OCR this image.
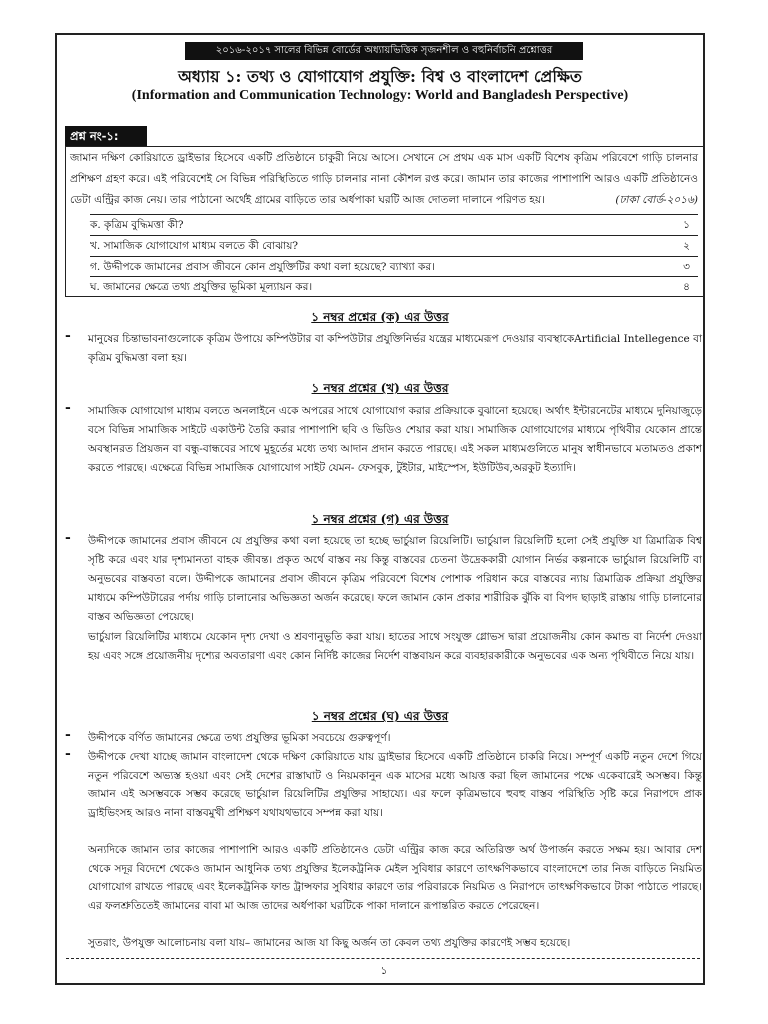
২০১৬-২০১৭ সালের বিভিন্ন বোর্ডের অধ্যায়ভিত্তিক সৃজনশীল ও বহুনির্বাচনি প্রশ্নোত্তর
অধ্যায় ১: তথ্য ও যোগাযোগ প্রযুক্তি: বিশ্ব ও বাংলাদেশ প্রেক্ষিত
(Information and Communication Technology: World and Bangladesh Perspective)
প্রশ্ন নং-১:
জামান দক্ষিণ কোরিয়াতে ড্রাইভার হিসেবে একটি প্রতিষ্ঠানে চাকুরী নিয়ে আসে। সেখানে সে প্রথম এক মাস একটি বিশেষ কৃত্রিম পরিবেশে গাড়ি চালনার প্রশিক্ষণ গ্রহণ করে। এই পরিবেশেই সে বিভিন্ন পরিস্থিতিতে গাড়ি চালনার নানা কৌশল রপ্ত করে। জামান তার কাজের পাশাপাশি আরও একটি প্রতিষ্ঠানেও ডেটা এন্ট্রির কাজ নেয়। তার পাঠানো অর্থেই গ্রামের বাড়িতে তার অর্ধপাকা ঘরটি আজ দোতলা দালানে পরিণত হয়।	(ঢাকা বোর্ড-২০১৬)
ক. কৃত্রিম বুদ্ধিমত্তা কী?	১
খ. সামাজিক যোগাযোগ মাধ্যম বলতে কী বোঝায়?	২
গ. উদ্দীপকে জামানের প্রবাস জীবনে কোন প্রযুক্তিটির কথা বলা হয়েছে? ব্যাখ্যা কর।	৩
ঘ. জামানের ক্ষেত্রে তথ্য প্রযুক্তির ভূমিকা মূল্যায়ন কর।	৪
১ নম্বর প্রশ্নের (ক) এর উত্তর
- মানুষের চিন্তাভাবনাগুলোকে কৃত্রিম উপায়ে কম্পিউটার বা কম্পিউটার প্রযুক্তিনির্ভর যন্ত্রের মাধ্যমেরূপ দেওয়ার ব্যবস্থাকেArtificial Intellegence বা কৃত্রিম বুদ্ধিমত্তা বলা হয়।
১ নম্বর প্রশ্নের (খ) এর উত্তর
- সামাজিক যোগাযোগ মাধ্যম বলতে অনলাইনে একে অপরের সাথে যোগাযোগ করার প্রক্রিয়াকে বুঝানো হয়েছে। অর্থাৎ ইন্টারনেটের মাধ্যমে দুনিয়াজুড়ে বসে বিভিন্ন সামাজিক সাইটে একাউন্ট তৈরি করার পাশাপাশি ছবি ও ভিডিও শেয়ার করা যায়। সামাজিক যোগাযোগের মাধ্যমে পৃথিবীর যেকোন প্রান্তে অবস্থানরত প্রিয়জন বা বন্ধু-বান্ধবের সাথে মুহূর্তের মধ্যে তথ্য আদান প্রদান করতে পারছে। এই সকল মাধ্যমগুলিতে মানুষ স্বাধীনভাবে মতামতও প্রকাশ করতে পারছে। এক্ষেত্রে বিভিন্ন সামাজিক যোগাযোগ সাইট যেমন- ফেসবুক, টুইটার, মাইস্পেস, ইউটিউব,অরকুট ইত্যাদি।
১ নম্বর প্রশ্নের (গ) এর উত্তর
- উদ্দীপকে জামানের প্রবাস জীবনে যে প্রযুক্তির কথা বলা হয়েছে তা হচ্ছে ভার্চুয়াল রিয়েলিটি। ভার্চুয়াল রিয়েলিটি হলো সেই প্রযুক্তি যা ত্রিমাত্রিক বিশ্ব সৃষ্টি করে এবং যার দৃশ্যমানতা বাহক জীবন্ত। প্রকৃত অর্থে বাস্তব নয় কিন্তু বাস্তবের চেতনা উদ্রেককারী যোগান নির্ভর কল্পনাকে ভার্চুয়াল রিয়েলিটি বা অনুভবের বাস্তবতা বলে। উদ্দীপকে জামানের প্রবাস জীবনে কৃত্রিম পরিবেশে বিশেষ পোশাক পরিধান করে বাস্তবের ন্যায় ত্রিমাত্রিক প্রক্রিয়া প্রযুক্তির মাধ্যমে কম্পিউটারের পর্দায় গাড়ি চালানোর অভিজ্ঞতা অর্জন করেছে। ফলে জামান কোন প্রকার শারীরিক ঝুঁকি বা বিপদ ছাড়াই রাস্তায় গাড়ি চালানোর বাস্তব অভিজ্ঞতা পেয়েছে।
ভার্চুয়াল রিয়েলিটির মাধ্যমে যেকোন দৃশ্য দেখা ও শ্রবণানুভূতি করা যায়। হাতের সাথে সংযুক্ত গ্লোভস দ্বারা প্রয়োজনীয় কোন কমান্ড বা নির্দেশ দেওয়া হয় এবং সঙ্গে প্রয়োজনীয় দৃশ্যের অবতারণা এবং কোন নির্দিষ্ট কাজের নির্দেশ বাস্তবায়ন করে ব্যবহারকারীকে অনুভবের এক অন্য পৃথিবীতে নিয়ে যায়।
১ নম্বর প্রশ্নের (ঘ) এর উত্তর
- উদ্দীপকে বর্ণিত জামানের ক্ষেত্রে তথ্য প্রযুক্তির ভূমিকা সবচেয়ে গুরুত্বপূর্ণ।
- উদ্দীপকে দেখা যাচ্ছে জামান বাংলাদেশ থেকে দক্ষিণ কোরিয়াতে যায় ড্রাইভার হিসেবে একটি প্রতিষ্ঠানে চাকরি নিয়ে। সম্পূর্ণ একটি নতুন দেশে গিয়ে নতুন পরিবেশে অভ্যস্ত হওয়া এবং সেই দেশের রাস্তাঘাট ও নিয়মকানুন এক মাসের মধ্যে আয়ত্ত করা ছিল জামানের পক্ষে একেবারেই অসম্ভব। কিন্তু জামান এই অসম্ভবকে সম্ভব করেছে ভার্চুয়াল রিয়েলিটির প্রযুক্তির সাহায্যে। এর ফলে কৃত্রিমভাবে হুবহু বাস্তব পরিস্থিতি সৃষ্টি করে নিরাপদে প্রাক ড্রাইভিংসহ আরও নানা বাস্তবমুখী প্রশিক্ষণ যথাযথভাবে সম্পন্ন করা যায়।
অন্যদিকে জামান তার কাজের পাশাপাশি আরও একটি প্রতিষ্ঠানেও ডেটা এন্ট্রির কাজ করে অতিরিক্ত অর্থ উপার্জন করতে সক্ষম হয়। আবার দেশ থেকে সদূর বিদেশে থেকেও জামান আধুনিক তথ্য প্রযুক্তির ইলেকট্রনিক মেইল সুবিধার কারণে তাৎক্ষণিকভাবে বাংলাদেশে তার নিজ বাড়িতে নিয়মিত যোগাযোগ রাখতে পারছে এবং ইলেকট্রনিক ফান্ড ট্রান্সফার সুবিধার কারণে তার পরিবারকে নিয়মিত ও নিরাপদে তাৎক্ষণিকভাবে টাকা পাঠাতে পারছে। এর ফলশ্রুতিতেই জামানের বাবা মা আজ তাদের অর্ধপাকা ঘরটিকে পাকা দালানে রূপান্তরিত করতে পেরেছেন।
সুতরাং, উপযুক্ত আলোচনায় বলা যায়– জামানের আজ যা কিছু অর্জন তা কেবল তথ্য প্রযুক্তির কারণেই সম্ভব হয়েছে।
১
